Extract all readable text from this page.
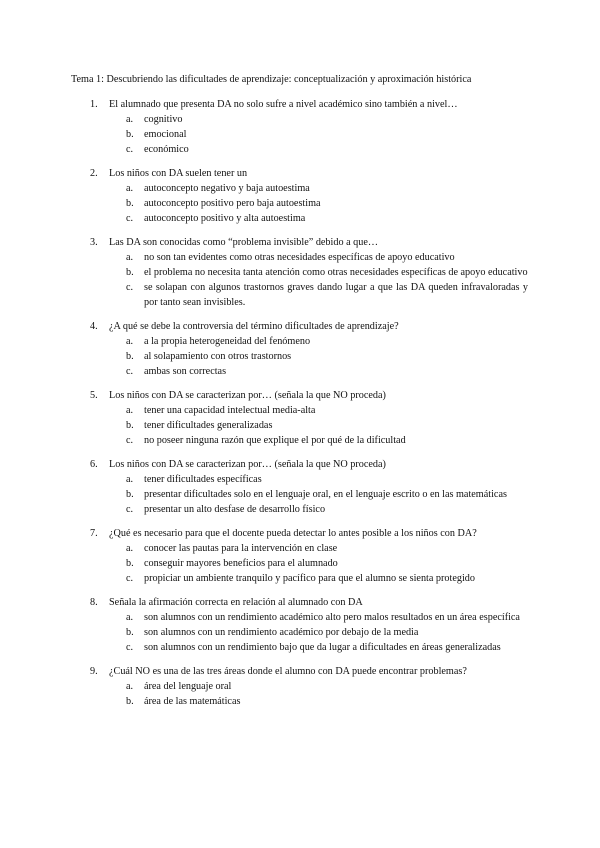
Tema 1: Descubriendo las dificultades de aprendizaje: conceptualización y aproximación histórica
1. El alumnado que presenta DA no solo sufre a nivel académico sino también a nivel…
a. cognitivo
b. emocional
c. económico
2. Los niños con DA suelen tener un
a. autoconcepto negativo y baja autoestima
b. autoconcepto positivo pero baja autoestima
c. autoconcepto positivo y alta autoestima
3. Las DA son conocidas como “problema invisible” debido a que…
a. no son tan evidentes como otras necesidades específicas de apoyo educativo
b. el problema no necesita tanta atención como otras necesidades específicas de apoyo educativo
c. se solapan con algunos trastornos graves dando lugar a que las DA queden infravaloradas y por tanto sean invisibles.
4. ¿A qué se debe la controversia del término dificultades de aprendizaje?
a. a la propia heterogeneidad del fenómeno
b. al solapamiento con otros trastornos
c. ambas son correctas
5. Los niños con DA se caracterizan por… (señala la que NO proceda)
a. tener una capacidad intelectual media-alta
b. tener dificultades generalizadas
c. no poseer ninguna razón que explique el por qué de la dificultad
6. Los niños con DA se caracterizan por… (señala la que NO proceda)
a. tener dificultades específicas
b. presentar dificultades solo en el lenguaje oral, en el lenguaje escrito o en las matemáticas
c. presentar un alto desfase de desarrollo físico
7. ¿Qué es necesario para que el docente pueda detectar lo antes posible a los niños con DA?
a. conocer las pautas para la intervención en clase
b. conseguir mayores beneficios para el alumnado
c. propiciar un ambiente tranquilo y pacífico para que el alumno se sienta protegido
8. Señala la afirmación correcta en relación al alumnado con DA
a. son alumnos con un rendimiento académico alto pero malos resultados en un área específica
b. son alumnos con un rendimiento académico por debajo de la media
c. son alumnos con un rendimiento bajo que da lugar a dificultades en áreas generalizadas
9. ¿Cuál NO es una de las tres áreas donde el alumno con DA puede encontrar problemas?
a. área del lenguaje oral
b. área de las matemáticas
